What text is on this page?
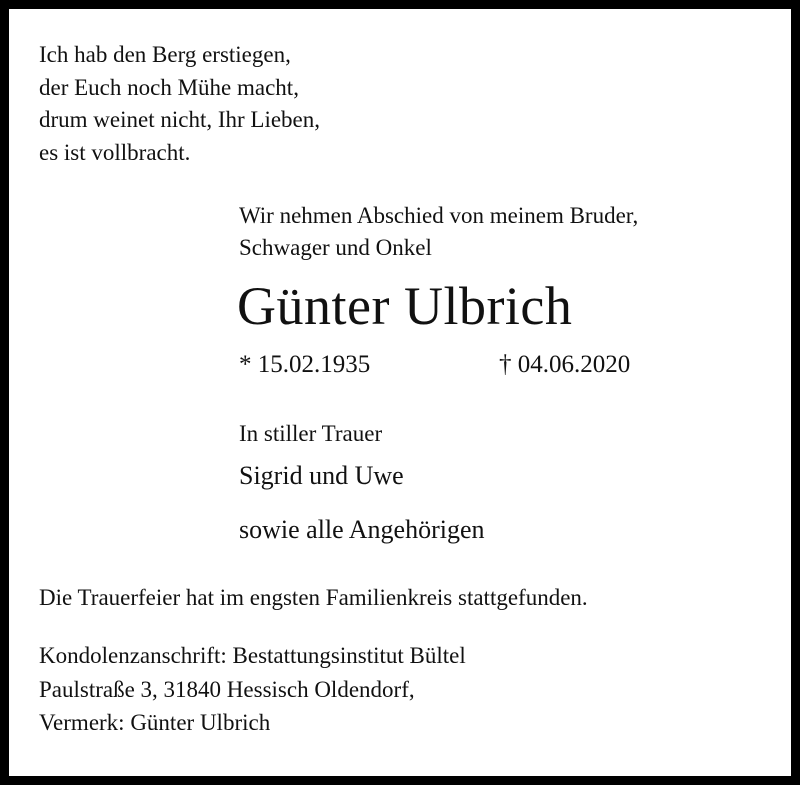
Ich hab den Berg erstiegen,
der Euch noch Mühe macht,
drum weinet nicht, Ihr Lieben,
es ist vollbracht.
Wir nehmen Abschied von meinem Bruder,
Schwager und Onkel
Günter Ulbrich
* 15.02.1935	† 04.06.2020
In stiller Trauer
Sigrid und Uwe
sowie alle Angehörigen
Die Trauerfeier hat im engsten Familienkreis stattgefunden.
Kondolenzanschrift: Bestattungsinstitut Bültel
Paulstraße 3, 31840 Hessisch Oldendorf,
Vermerk: Günter Ulbrich
